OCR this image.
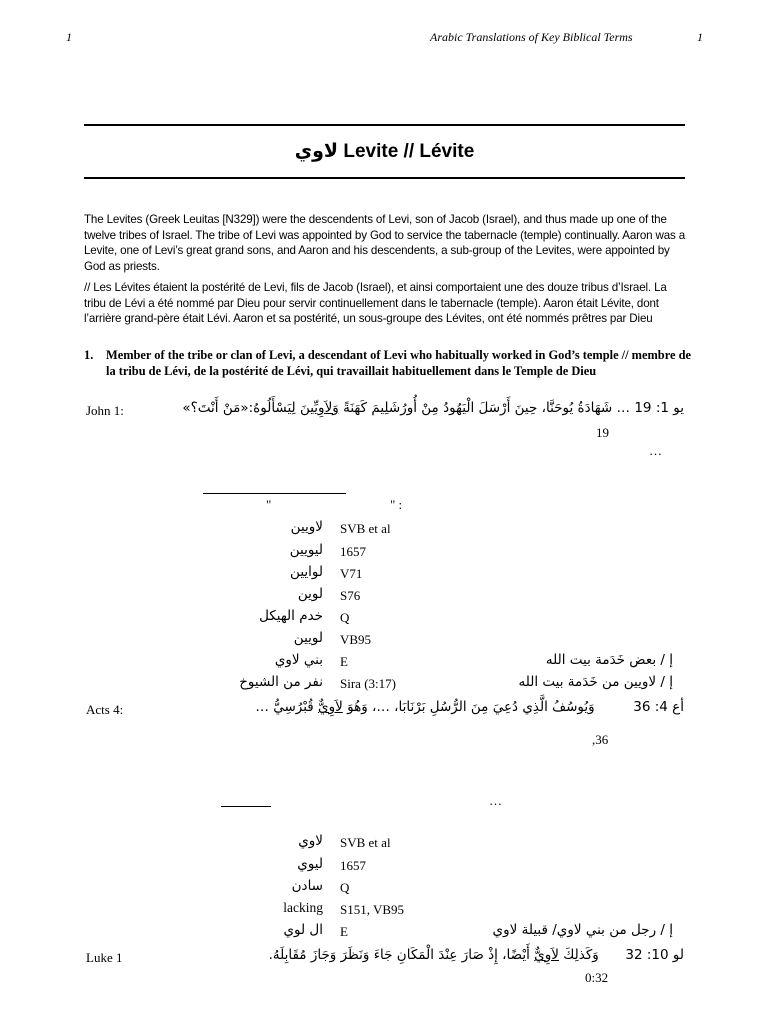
1	Arabic Translations of Key Biblical Terms	1
لاوي Levite // Lévite
The Levites (Greek Leuitas [N329]) were the descendents of Levi, son of Jacob (Israel), and thus made up one of the twelve tribes of Israel. The tribe of Levi was appointed by God to service the tabernacle (temple) continually. Aaron was a Levite, one of Levi’s great grand sons, and Aaron and his descendents, a sub-group of the Levites, were appointed by God as priests.
// Les Lévites étaient la postérité de Levi, fils de Jacob (Israel), et ainsi comportaient une des douze tribus d’Israel. La tribu de Lévi a été nommé par Dieu pour servir continuellement dans le tabernacle (temple). Aaron était Lévite, dont l’arrière grand-père était Lévi. Aaron et sa postérité, un sous-groupe des Lévites, ont été nommés prêtres par Dieu
1.	Member of the tribe or clan of Levi, a descendant of Levi who habitually worked in God’s temple // membre de la tribu de Lévi, de la postérité de Lévi, qui travaillait habituellement dans le Temple de Dieu
John 1:	يو 1: 19 … شَهَادَةُ يُوحَنَّا، حِينَ أَرْسَلَ الْيَهُودُ مِنْ أُورُشَلِيمَ كَهَنَةً وَلاَوِيِّينَ لِيَسْأَلُوهُ:«مَنْ أَنْتَ؟»
19
…
"	" :
لاويين SVB et al
ليويين 1657
لوايين V71
لوين S76
خدم الهيكل Q
لويين VB95
بني لاوي E	إ / بعض خَدَمة بيت الله
نفر من الشيوخ Sira (3:17)	إ / لاويين من خَدَمة بيت الله
Acts 4:	أع 4: 36  وَيُوسُفُ الَّذِي دُعِيَ مِنَ الرُّسُلِ بَرْنَابَا، …، وَهُوَ لاَوِيٌّ قُبْرُسِيُّ …
,36
…
لاوي SVB et al
ليوي 1657
سادن Q
lacking S151, VB95
ال لوي E	إ / رجل من بني لاوي/ قبيلة لاوي
Luke 1	لو 10: 32  وَكَذلِكَ لاَوِيٌّ أَيْضًا، إِذْ صَارَ عِنْدَ الْمَكَانِ جَاءَ وَنَظَرَ وَجَازَ مُقَابِلَهُ.
0:32
